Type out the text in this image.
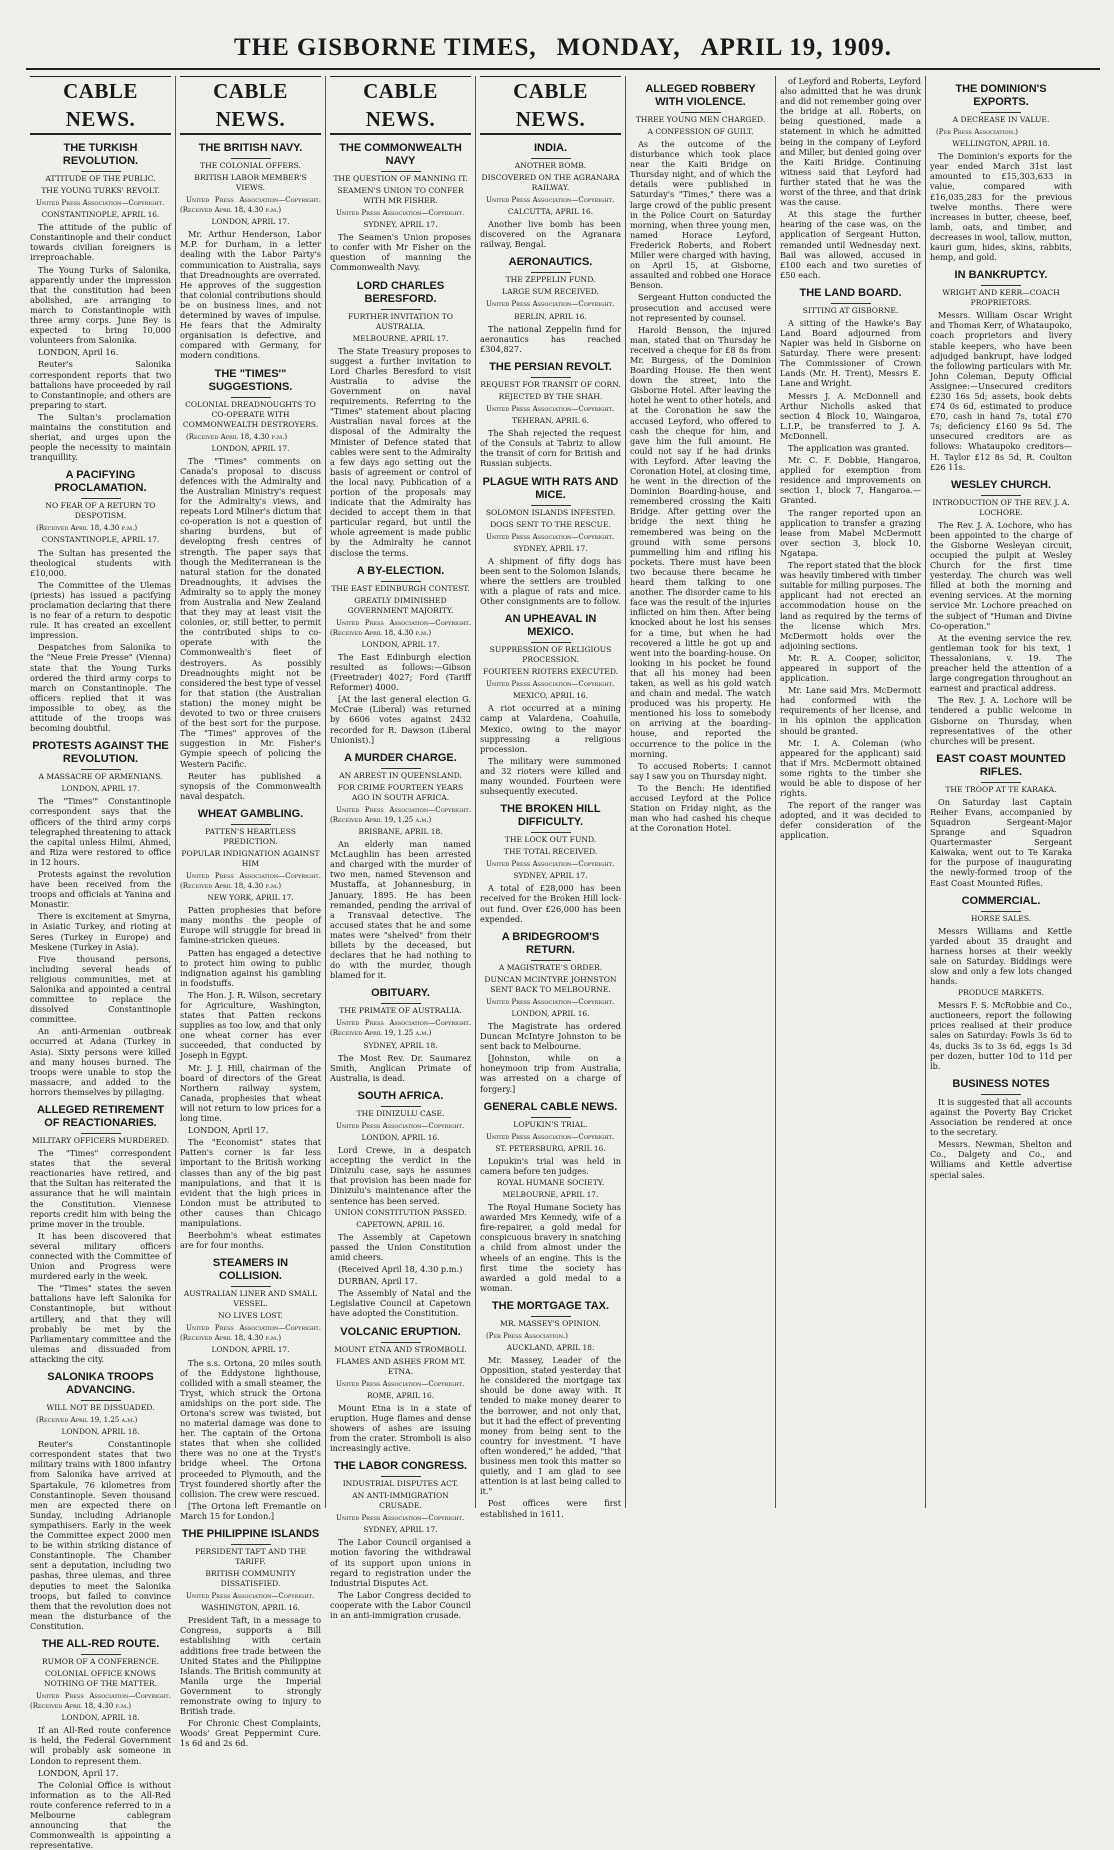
THE GISBORNE TIMES, MONDAY, APRIL 19, 1909.
CABLE NEWS.
THE TURKISH REVOLUTION.
ATTITUDE OF THE PUBLIC.
THE YOUNG TURKS' REVOLT.
United Press Association—Copyright.
CONSTANTINOPLE, APRIL 16.

The attitude of the public of Constantinople and their conduct towards civilian foreigners is irreproachable.

The Young Turks of Salonika, apparently under the impression that the constitution had been abolished, are arranging to march to Constantinople with three army corps. June Bey is expected to bring 10,000 volunteers from Salonika.

LONDON, April 16.

Reuter's Salonika correspondent reports that two battalions have proceeded by rail to Constantinople, and others are preparing to start.

The Sultan's proclamation maintains the constitution and sheriat, and urges upon the people the necessity to maintain tranquillity.

A PACIFYING PROCLAMATION.
NO FEAR OF A RETURN TO DESPOTISM.
(Received April 18, 4.30 p.m.)
CONSTANTINOPLE, APRIL 17.

The Sultan has presented the theological students with £10,000.

The Committee of the Ulemas (priests) has issued a pacifying proclamation declaring that there is no fear of a return to despotic rule. It has created an excellent impression.

Despatches from Salonika to the "Neue Freie Presse" (Vienna) state that the Young Turks ordered the third army corps to march on Constantinople. The officers replied that it was impossible to obey, as the attitude of the troops was becoming doubtful.

PROTESTS AGAINST THE REVOLUTION.
A MASSACRE OF ARMENIANS.
LONDON, APRIL 17.

The "Times'" Constantinople correspondent says that the officers of the third army corps telegraphed threatening to attack the capital unless Hilmi, Ahmed, and Riza were restored to office in 12 hours.

Protests against the revolution have been received from the troops and officials at Yanina and Monastir.

There is excitement at Smyrna, in Asiatic Turkey, and rioting at Seres (Turkey in Europe) and Meskene (Turkey in Asia).

Five thousand persons, including several heads of religious communities, met at Salonika and appointed a central committee to replace the dissolved Constantinople committee.

An anti-Armenian outbreak occurred at Adana (Turkey in Asia). Sixty persons were killed and many houses burned. The troops were unable to stop the massacre, and added to the horrors themselves by pillaging.

ALLEGED RETIREMENT OF REACTIONARIES.
MILITARY OFFICERS MURDERED.

The "Times" correspondent states that the several reactionaries have retired, and that the Sultan has reiterated the assurance that he will maintain the Constitution. Viennese reports credit him with being the prime mover in the trouble.

It has been discovered that several military officers connected with the Committee of Union and Progress were murdered early in the week.

The "Times" states the seven battalions have left Salonika for Constantinople, but without artillery, and that they will probably be met by the Parliamentary committee and the ulemas and dissuaded from attacking the city.

SALONIKA TROOPS ADVANCING.
WILL NOT BE DISSUADED.
(Received April 19, 1.25 a.m.)
LONDON, APRIL 18.

Reuter's Constantinople correspondent states that two military trains with 1800 infantry from Salonika have arrived at Spartakule, 76 kilometres from Constantinople. Seven thousand men are expected there on Sunday, including Adrianople sympathisers. Early in the week the Committee expect 2000 men to be within striking distance of Constantinople. The Chamber sent a deputation, including two pashas, three ulemas, and three deputies to meet the Salonika troops, but failed to convince them that the revolution does not mean the disturbance of the Constitution.

THE ALL-RED ROUTE.
RUMOR OF A CONFERENCE.
COLONIAL OFFICE KNOWS NOTHING OF THE MATTER.
United Press Association—Copyright. (Received April 18, 4.30 p.m.)
LONDON, APRIL 18.

If an All-Red route conference is held, the Federal Government will probably ask someone in London to represent them.

LONDON, April 17.

The Colonial Office is without information as to the All-Red route conference referred to in a Melbourne cablegram announcing that the Commonwealth is appointing a representative.

CABLE NEWS.
THE BRITISH NAVY.
THE COLONIAL OFFERS.
BRITISH LABOR MEMBER'S VIEWS.
United Press Association—Copyright. (Received April 18, 4.30 p.m.)
LONDON, APRIL 17.

Mr. Arthur Henderson, Labor M.P. for Durham, in a letter dealing with the Labor Party's communication to Australia, says that Dreadnoughts are overrated. He approves of the suggestion that colonial contributions should be on business lines, and not determined by waves of impulse. He fears that the Admiralty organisation is defective, and compared with Germany, for modern conditions.

THE "TIMES'" SUGGESTIONS.
COLONIAL DREADNOUGHTS TO CO-OPERATE WITH COMMONWEALTH DESTROYERS.
(Received April 18, 4.30 p.m.)
LONDON, APRIL 17.

The "Times" comments on Canada's proposal to discuss defences with the Admiralty and the Australian Ministry's request for the Admiralty's views, and repeats Lord Milner's dictum that co-operation is not a question of sharing burdens, but of developing fresh centres of strength. The paper says that though the Mediterranean is the natural station for the donated Dreadnoughts, it advises the Admiralty so to apply the money from Australia and New Zealand that they may at least visit the colonies, or, still better, to permit the contributed ships to co-operate with the Commonwealth's fleet of destroyers. As possibly Dreadnoughts might not be considered the best type of vessel for that station (the Australian station) the money might be devoted to two or three cruisers of the best sort for the purpose. The "Times" approves of the suggestion in Mr. Fisher's Gympie speech of policing the Western Pacific.

Reuter has published a synopsis of the Commonwealth naval despatch.

WHEAT GAMBLING.
PATTEN'S HEARTLESS PREDICTION.
POPULAR INDIGNATION AGAINST HIM
United Press Association—Copyright. (Received April 18, 4.30 p.m.)
NEW YORK, APRIL 17.

Patten prophesies that before many months the people of Europe will struggle for bread in famine-stricken queues.

Patten has engaged a detective to protect him owing to public indignation against his gambling in foodstuffs.

The Hon. J. R. Wilson, secretary for Agriculture, Washington, states that Patten reckons supplies as too low, and that only one wheat corner has ever succeeded, that conducted by Joseph in Egypt.

Mr. J. J. Hill, chairman of the board of directors of the Great Northern railway system, Canada, prophesies that wheat will not return to low prices for a long time.

LONDON, April 17.

The "Economist" states that Patten's corner is far less important to the British working classes than any of the big past manipulations, and that it is evident that the high prices in London must be attributed to other causes than Chicago manipulations.

Beerbohm's wheat estimates are for four months.

STEAMERS IN COLLISION.
AUSTRALIAN LINER AND SMALL VESSEL.
NO LIVES LOST.
United Press Association—Copyright. (Received April 18, 4.30 p.m.)
LONDON, APRIL 17.

The s.s. Ortona, 20 miles south of the Eddystone lighthouse, collided with a small steamer, the Tryst, which struck the Ortona amidships on the port side. The Ortona's screw was twisted, but no material damage was done to her. The captain of the Ortona states that when she collided there was no one at the Tryst's bridge wheel. The Ortona proceeded to Plymouth, and the Tryst foundered shortly after the collision. The crew were rescued.

[The Ortona left Fremantle on March 15 for London.]

THE PHILIPPINE ISLANDS
PERSIDENT TAFT AND THE TARIFF.
BRITISH COMMUNITY DISSATISFIED.
United Press Association—Copyright.
WASHINGTON, APRIL 16.

President Taft, in a message to Congress, supports a Bill establishing with certain additions free trade between the United States and the Philippine Islands. The British community at Manila urge the Imperial Government to strongly remonstrate owing to injury to British trade.

For Chronic Chest Complaints, Woods' Great Peppermint Cure. 1s 6d and 2s 6d.

CABLE NEWS.
THE COMMONWEALTH NAVY
THE QUESTION OF MANNING IT.
SEAMEN'S UNION TO CONFER WITH MR FISHER.
United Press Association—Copyright.
SYDNEY, APRIL 17.

The Seamen's Union proposes to confer with Mr Fisher on the question of manning the Commonwealth Navy.

LORD CHARLES BERESFORD.
FURTHER INVITATION TO AUSTRALIA.
MELBOURNE, APRIL 17.

The State Treasury proposes to suggest a further invitation to Lord Charles Beresford to visit Australia to advise the Government on naval requirements. Referring to the "Times" statement about placing Australian naval forces at the disposal of the Admiralty the Minister of Defence stated that cables were sent to the Admiralty a few days ago setting out the basis of agreement or control of the local navy. Publication of a portion of the proposals may indicate that the Admiralty has decided to accept them in that particular regard, but until the whole agreement is made public by the Admiralty he cannot disclose the terms.

A BY-ELECTION.
THE EAST EDINBURGH CONTEST.
GREATLY DIMINISHED GOVERNMENT MAJORITY.
United Press Association—Copyright. (Received April 18, 4.30 p.m.)
LONDON, APRIL 17.

The East Edinburgh election resulted as follows:—Gibson (Freetrader) 4027; Ford (Tariff Reformer) 4000.

[At the last general election G. McCrae (Liberal) was returned by 6606 votes against 2432 recorded for R. Dawson (Liberal Unionist).]

A MURDER CHARGE.
AN ARREST IN QUEENSLAND.
FOR CRIME FOURTEEN YEARS AGO IN SOUTH AFRICA.
United Press Association—Copyright. (Received April 19, 1.25 a.m.)
BRISBANE, APRIL 18.

An elderly man named McLaughlin has been arrested and charged with the murder of two men, named Stevenson and Mustaffa, at Johannesburg, in January, 1895. He has been remanded, pending the arrival of a Transvaal detective. The accused states that he and some mates were "shelved" from their billets by the deceased, but declares that he had nothing to do with the murder, though blamed for it.

OBITUARY.
THE PRIMATE OF AUSTRALIA.
United Press Association—Copyright. (Received April 19, 1.25 a.m.)
SYDNEY, APRIL 18.

The Most Rev. Dr. Saumarez Smith, Anglican Primate of Australia, is dead.

SOUTH AFRICA.
THE DINIZULU CASE.
United Press Association—Copyright.
LONDON, APRIL 16.

Lord Crewe, in a despatch accepting the verdict in the Dinizulu case, says he assumes that provision has been made for Dinizulu's maintenance after the sentence has been served.

UNION CONSTITUTION PASSED.
CAPETOWN, APRIL 16.

The Assembly at Capetown passed the Union Constitution amid cheers.

(Received April 18, 4.30 p.m.)

DURBAN, April 17.

The Assembly of Natal and the Legislative Council at Capetown have adopted the Constitution.

VOLCANIC ERUPTION.
MOUNT ETNA AND STROMBOLI.
FLAMES AND ASHES FROM MT. ETNA.
United Press Association—Copyright.
ROME, APRIL 16.

Mount Etna is in a state of eruption. Huge flames and dense showers of ashes are issuing from the crater. Stromboli is also increasingly active.

THE LABOR CONGRESS.
INDUSTRIAL DISPUTES ACT.
AN ANTI-IMMIGRATION CRUSADE.
United Press Association—Copyright.
SYDNEY, APRIL 17.

The Labor Council organised a motion favoring the withdrawal of its support upon unions in regard to registration under the Industrial Disputes Act.

The Labor Congress decided to cooperate with the Labor Council in an anti-immigration crusade.

CABLE NEWS.
INDIA.
ANOTHER BOMB.
DISCOVERED ON THE AGRANARA RAILWAY.
United Press Association—Copyright.
CALCUTTA, APRIL 16.

Another live bomb has been discovered on the Agranara railway, Bengal.

AERONAUTICS.
THE ZEPPELIN FUND.
LARGE SUM RECEIVED.
United Press Association—Copyright.
BERLIN, APRIL 16.

The national Zeppelin fund for aeronautics has reached £304,827.

THE PERSIAN REVOLT.
REQUEST FOR TRANSIT OF CORN.
REJECTED BY THE SHAH.
United Press Association—Copyright.
TEHERAN, APRIL 6.

The Shah rejected the request of the Consuls at Tabriz to allow the transit of corn for British and Russian subjects.

PLAGUE WITH RATS AND MICE.
SOLOMON ISLANDS INFESTED.
DOGS SENT TO THE RESCUE.
United Press Association—Copyright.
SYDNEY, APRIL 17.

A shipment of fifty dogs has been sent to the Solomon Islands, where the settlers are troubled with a plague of rats and mice. Other consignments are to follow.

AN UPHEAVAL IN MEXICO.
SUPPRESSION OF RELIGIOUS PROCESSION.
FOURTEEN RIOTERS EXECUTED.
United Press Association—Copyright.
MEXICO, APRIL 16.

A riot occurred at a mining camp at Valardena, Coahuila, Mexico, owing to the mayor suppressing a religious procession.

The military were summoned and 32 rioters were killed and many wounded. Fourteen were subsequently executed.

THE BROKEN HILL DIFFICULTY.
THE LOCK OUT FUND.
THE TOTAL RECEIVED.
United Press Association—Copyright.
SYDNEY, APRIL 17.

A total of £28,000 has been received for the Broken Hill lock-out fund. Over £26,000 has been expended.

A BRIDEGROOM'S RETURN.
A MAGISTRATE'S ORDER.
DUNCAN MCINTYRE JOHNSTON SENT BACK TO MELBOURNE.
United Press Association—Copyright.
LONDON, APRIL 16.

The Magistrate has ordered Duncan McIntyre Johnston to be sent back to Melbourne.

[Johnston, while on a honeymoon trip from Australia, was arrested on a charge of forgery.]

GENERAL CABLE NEWS.
LOPUKIN'S TRIAL.
United Press Association—Copyright.
ST. PETERSBURG, APRIL 16.

Lopukin's trial was held in camera before ten judges.

ROYAL HUMANE SOCIETY.
MELBOURNE, APRIL 17.

The Royal Humane Society has awarded Mrs Kennedy, wife of a fire-repairer, a gold medal for conspicuous bravery in snatching a child from almost under the wheels of an engine. This is the first time the society has awarded a gold medal to a woman.

THE MORTGAGE TAX.
MR. MASSEY'S OPINION.
(Per Press Association.)
AUCKLAND, APRIL 18.

Mr. Massey, Leader of the Opposition, stated yesterday that he considered the mortgage tax should be done away with. It tended to make money dearer to the borrower, and not only that, but it had the effect of preventing money from being sent to the country for investment. "I have often wondered," he added, "that business men took this matter so quietly, and I am glad to see attention is at last being called to it."

Post offices were first established in 1611.

ALLEGED ROBBERY WITH VIOLENCE.
THREE YOUNG MEN CHARGED.
A CONFESSION OF GUILT.

As the outcome of the disturbance which took place near the Kaiti Bridge on Thursday night, and of which the details were published in Saturday's "Times," there was a large crowd of the public present in the Police Court on Saturday morning, when three young men, named Horace Leyford, Frederick Roberts, and Robert Miller were charged with having, on April 15, at Gisborne, assaulted and robbed one Horace Benson.

Sergeant Hutton conducted the prosecution and accused were not represented by counsel.

Harold Benson, the injured man, stated that on Thursday he received a cheque for £8 8s from Mr. Burgess, of the Dominion Boarding House. He then went down the street, into the Gisborne Hotel. After leaving the hotel he went to other hotels, and at the Coronation he saw the accused Leyford, who offered to cash the cheque for him, and gave him the full amount. He could not say if he had drinks with Leyford. After leaving the Coronation Hotel, at closing time, he went in the direction of the Dominion Boarding-house, and remembered crossing the Kaiti Bridge. After getting over the bridge the next thing he remembered was being on the ground with some persons pummelling him and rifling his pockets. There must have been two because there became he heard them talking to one another. The disorder came to his face was the result of the injuries inflicted on him then. After being knocked about he lost his senses for a time, but when he had recovered a little he got up and went into the boarding-house. On looking in his pocket he found that all his money had been taken, as well as his gold watch and chain and medal. The watch produced was his property. He mentioned his loss to somebody on arriving at the boarding-house, and reported the occurrence to the police in the morning.

To accused Roberts: I cannot say I saw you on Thursday night.

To the Bench: He identified accused Leyford at the Police Station on Friday night, as the man who had cashed his cheque at the Coronation Hotel.

of Leyford and Roberts, Leyford also admitted that he was drunk and did not remember going over the bridge at all. Roberts, on being questioned, made a statement in which he admitted being in the company of Leyford and Miller, but denied going over the Kaiti Bridge. Continuing witness said that Leyford had further stated that he was the worst of the three, and that drink was the cause.

At this stage the further hearing of the case was, on the application of Sergeant Hutton, remanded until Wednesday next. Bail was allowed, accused in £100 each and two sureties of £50 each.

THE LAND BOARD.
SITTING AT GISBORNE.

A sitting of the Hawke's Bay Land Board adjourned from Napier was held in Gisborne on Saturday. There were present: The Commissioner of Crown Lands (Mr. H. Trent), Messrs E. Lane and Wright.

Messrs J. A. McDonnell and Arthur Nicholls asked that section 4 Block 10, Waingaroa, L.I.P., be transferred to J. A. McDonnell.

The application was granted.

Mr. C. F. Dobbie, Hangaroa, applied for exemption from residence and improvements on section 1, block 7, Hangaroa.—Granted.

The ranger reported upon an application to transfer a grazing lease from Mabel McDermott over section 3, block 10, Ngatapa.

The report stated that the block was heavily timbered with timber suitable for milling purposes. The applicant had not erected an accommodation house on the land as required by the terms of the license which Mrs. McDermott holds over the adjoining sections.

Mr. R. A. Cooper, solicitor, appeared in support of the application.

Mr. Lane said Mrs. McDermott had conformed with the requirements of her license, and in his opinion the application should be granted.

Mr. I. A. Coleman (who appeared for the applicant) said that if Mrs. McDermott obtained some rights to the timber she would be able to dispose of her rights.

The report of the ranger was adopted, and it was decided to defer consideration of the application.

THE DOMINION'S EXPORTS.
A DECREASE IN VALUE.
(Per Press Association.)
WELLINGTON, APRIL 18.

The Dominion's exports for the year ended March 31st last amounted to £15,303,633 in value, compared with £16,035,283 for the previous twelve months. There were increases in butter, cheese, beef, lamb, oats, and timber, and decreases in wool, tallow, mutton, kauri gum, hides, skins, rabbits, hemp, and gold.

IN BANKRUPTCY.
WRIGHT AND KERR—COACH PROPRIETORS.

Messrs. William Oscar Wright and Thomas Kerr, of Whataupoko, coach proprietors and livery stable keepers, who have been adjudged bankrupt, have lodged the following particulars with Mr. John Coleman, Deputy Official Assignee:—Unsecured creditors £230 16s 5d; assets, book debts £74 0s 6d, estimated to produce £70, cash in hand 7s, total £70 7s; deficiency £160 9s 5d. The unsecured creditors are as follows: Whataupoko creditors—H. Taylor £12 8s 5d, R. Coulton £26 11s.

WESLEY CHURCH.
INTRODUCTION OF THE REV. J. A. LOCHORE.

The Rev. J. A. Lochore, who has been appointed to the charge of the Gisborne Wesleyan circuit, occupied the pulpit at Wesley Church for the first time yesterday. The church was well filled at both the morning and evening services. At the morning service Mr. Lochore preached on the subject of "Human and Divine Co-operation."

At the evening service the rev. gentleman took for his text, 1 Thessalonians, v. 19. The preacher held the attention of a large congregation throughout an earnest and practical address.

The Rev. J. A. Lochore will be tendered a public welcome in Gisborne on Thursday, when representatives of the other churches will be present.

EAST COAST MOUNTED RIFLES.
THE TROOP AT TE KARAKA.

On Saturday last Captain Reiher Evans, accompanied by Squadron Sergeant-Major Sprange and Squadron Quartermaster Sergeant Kaiwaka, went out to Te Karaka for the purpose of inaugurating the newly-formed troop of the East Coast Mounted Rifles.

COMMERCIAL.
HORSE SALES.

Messrs Williams and Kettle yarded about 35 draught and harness horses at their weekly sale on Saturday. Biddings were slow and only a few lots changed hands.

PRODUCE MARKETS.

Messrs F. S. McRobbie and Co., auctioneers, report the following prices realised at their produce sales on Saturday: Fowls 3s 6d to 4s, ducks 3s to 3s 6d, eggs 1s 3d per dozen, butter 10d to 11d per lb.

BUSINESS NOTES

It is suggested that all accounts against the Poverty Bay Cricket Association be rendered at once to the secretary.

Messrs. Newman, Shelton and Co., Dalgety and Co., and Williams and Kettle advertise special sales.
